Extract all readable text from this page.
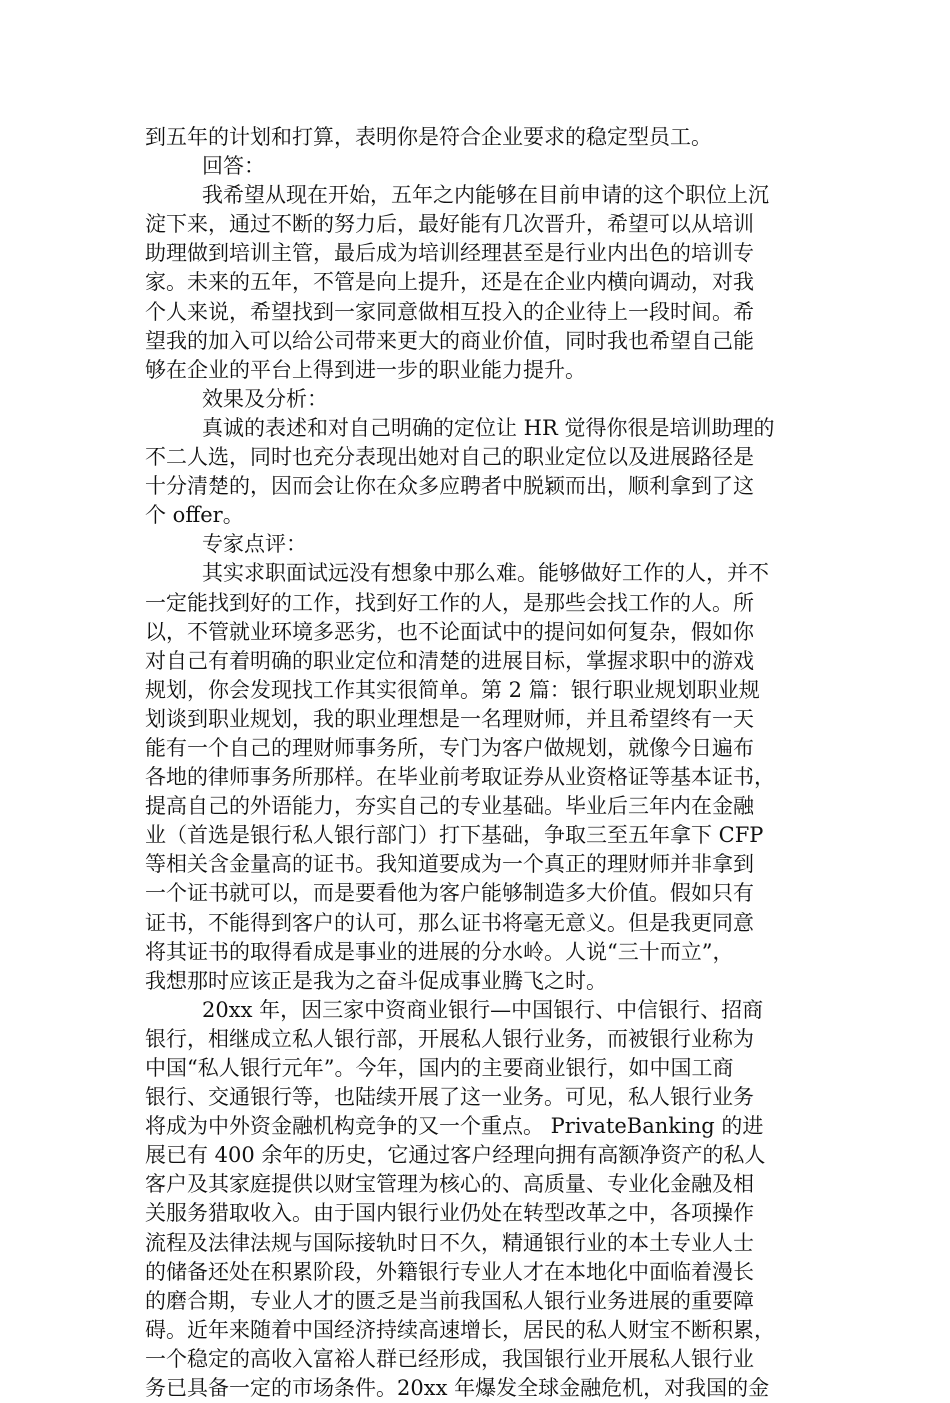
到五年的计划和打算，表明你是符合企业要求的稳定型员工。
回答：
我希望从现在开始，五年之内能够在目前申请的这个职位上沉
淀下来，通过不断的努力后，最好能有几次晋升，希望可以从培训
助理做到培训主管，最后成为培训经理甚至是行业内出色的培训专
家。未来的五年，不管是向上提升，还是在企业内横向调动，对我
个人来说，希望找到一家同意做相互投入的企业待上一段时间。希
望我的加入可以给公司带来更大的商业价值，同时我也希望自己能
够在企业的平台上得到进一步的职业能力提升。
效果及分析：
真诚的表述和对自己明确的定位让 HR 觉得你很是培训助理的
不二人选，同时也充分表现出她对自己的职业定位以及进展路径是
十分清楚的，因而会让你在众多应聘者中脱颖而出，顺利拿到了这
个 offer。
专家点评：
其实求职面试远没有想象中那么难。能够做好工作的人，并不
一定能找到好的工作，找到好工作的人，是那些会找工作的人。所
以，不管就业环境多恶劣，也不论面试中的提问如何复杂，假如你
对自己有着明确的职业定位和清楚的进展目标，掌握求职中的游戏
规划，你会发现找工作其实很简单。第 2 篇：银行职业规划职业规
划谈到职业规划，我的职业理想是一名理财师，并且希望终有一天
能有一个自己的理财师事务所，专门为客户做规划，就像今日遍布
各地的律师事务所那样。在毕业前考取证券从业资格证等基本证书，
提高自己的外语能力，夯实自己的专业基础。毕业后三年内在金融
业（首选是银行私人银行部门）打下基础，争取三至五年拿下 CFP
等相关含金量高的证书。我知道要成为一个真正的理财师并非拿到
一个证书就可以，而是要看他为客户能够制造多大价值。假如只有
证书，不能得到客户的认可，那么证书将毫无意义。但是我更同意
将其证书的取得看成是事业的进展的分水岭。人说“三十而立”，
我想那时应该正是我为之奋斗促成事业腾飞之时。
20xx 年，因三家中资商业银行—中国银行、中信银行、招商
银行，相继成立私人银行部，开展私人银行业务，而被银行业称为
中国“私人银行元年”。今年，国内的主要商业银行，如中国工商
银行、交通银行等，也陆续开展了这一业务。可见，私人银行业务
将成为中外资金融机构竞争的又一个重点。 PrivateBanking 的进
展已有 400 余年的历史，它通过客户经理向拥有高额净资产的私人
客户及其家庭提供以财宝管理为核心的、高质量、专业化金融及相
关服务猎取收入。由于国内银行业仍处在转型改革之中，各项操作
流程及法律法规与国际接轨时日不久，精通银行业的本土专业人士
的储备还处在积累阶段，外籍银行专业人才在本地化中面临着漫长
的磨合期，专业人才的匮乏是当前我国私人银行业务进展的重要障
碍。近年来随着中国经济持续高速增长，居民的私人财宝不断积累，
一个稳定的高收入富裕人群已经形成，我国银行业开展私人银行业
务已具备一定的市场条件。20xx 年爆发全球金融危机，对我国的金
